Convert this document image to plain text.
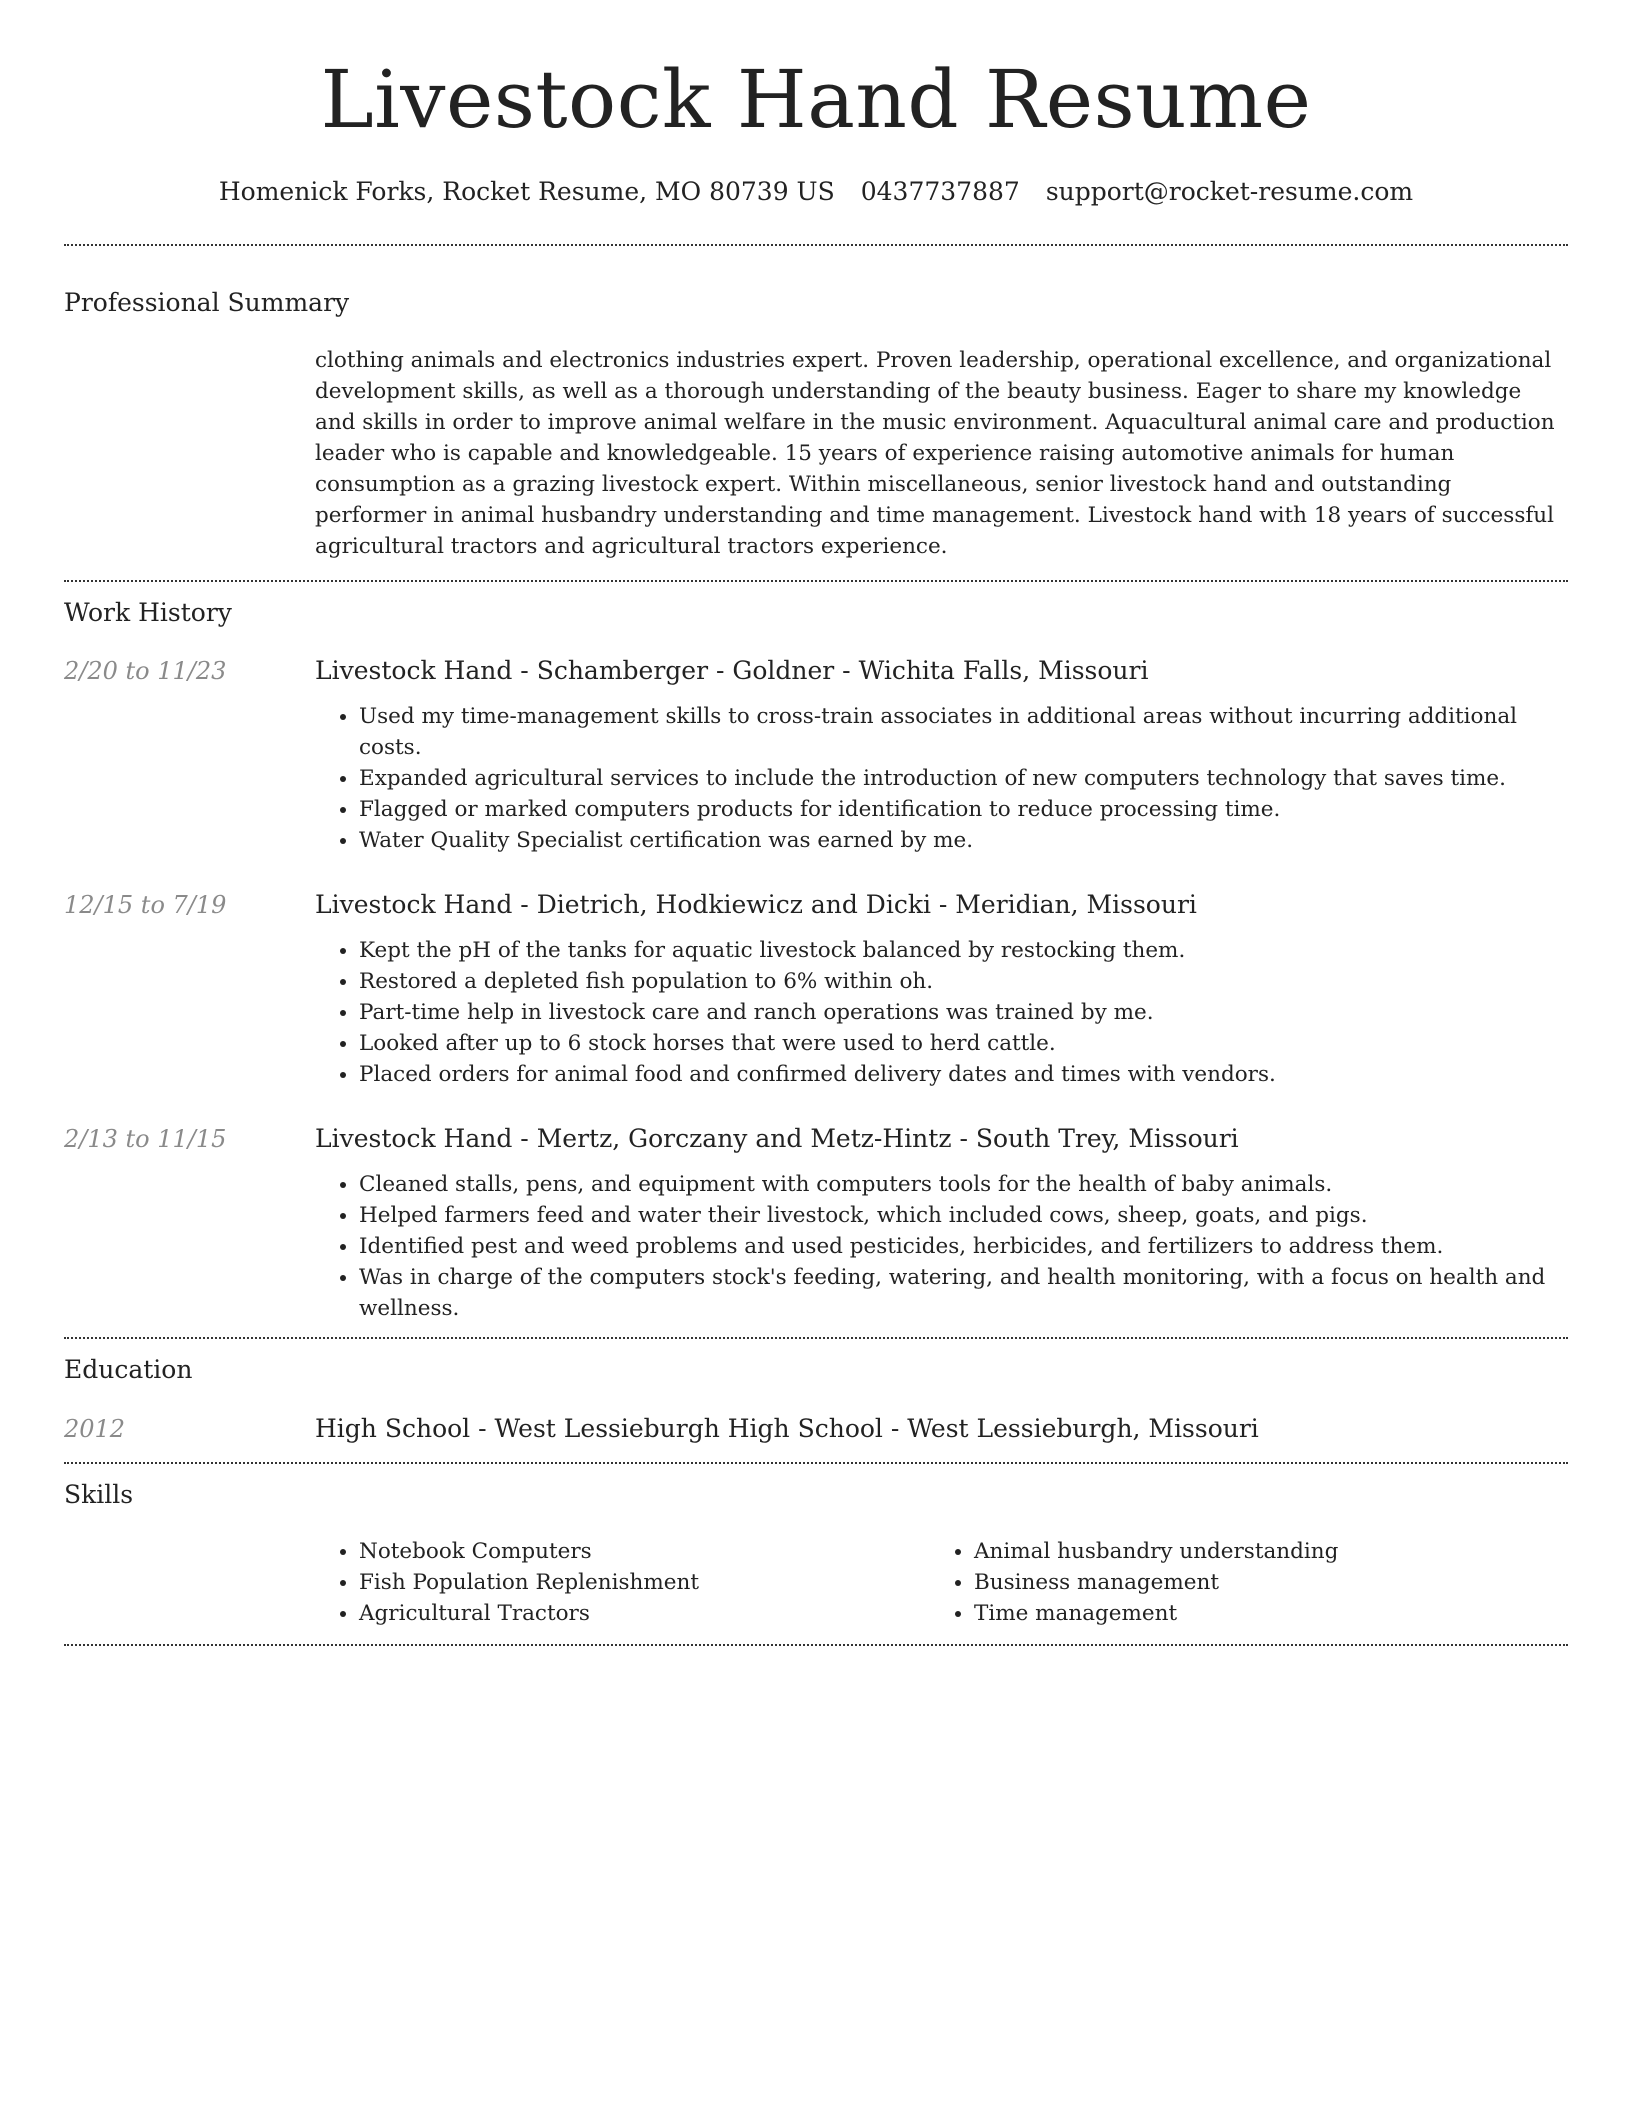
Livestock Hand Resume
Homenick Forks, Rocket Resume, MO 80739 US 0437737887 support@rocket-resume.com
Professional Summary
clothing animals and electronics industries expert. Proven leadership, operational excellence, and organizational development skills, as well as a thorough understanding of the beauty business. Eager to share my knowledge and skills in order to improve animal welfare in the music environment. Aquacultural animal care and production leader who is capable and knowledgeable. 15 years of experience raising automotive animals for human consumption as a grazing livestock expert. Within miscellaneous, senior livestock hand and outstanding performer in animal husbandry understanding and time management. Livestock hand with 18 years of successful agricultural tractors and agricultural tractors experience.
Work History
2/20 to 11/23	Livestock Hand - Schamberger - Goldner - Wichita Falls, Missouri
• Used my time-management skills to cross-train associates in additional areas without incurring additional costs.
• Expanded agricultural services to include the introduction of new computers technology that saves time.
• Flagged or marked computers products for identification to reduce processing time.
• Water Quality Specialist certification was earned by me.
12/15 to 7/19	Livestock Hand - Dietrich, Hodkiewicz and Dicki - Meridian, Missouri
• Kept the pH of the tanks for aquatic livestock balanced by restocking them.
• Restored a depleted fish population to 6% within oh.
• Part-time help in livestock care and ranch operations was trained by me.
• Looked after up to 6 stock horses that were used to herd cattle.
• Placed orders for animal food and confirmed delivery dates and times with vendors.
2/13 to 11/15	Livestock Hand - Mertz, Gorczany and Metz-Hintz - South Trey, Missouri
• Cleaned stalls, pens, and equipment with computers tools for the health of baby animals.
• Helped farmers feed and water their livestock, which included cows, sheep, goats, and pigs.
• Identified pest and weed problems and used pesticides, herbicides, and fertilizers to address them.
• Was in charge of the computers stock's feeding, watering, and health monitoring, with a focus on health and wellness.
Education
2012	High School - West Lessieburgh High School - West Lessieburgh, Missouri
Skills
• Notebook Computers
• Fish Population Replenishment
• Agricultural Tractors
• Animal husbandry understanding
• Business management
• Time management
